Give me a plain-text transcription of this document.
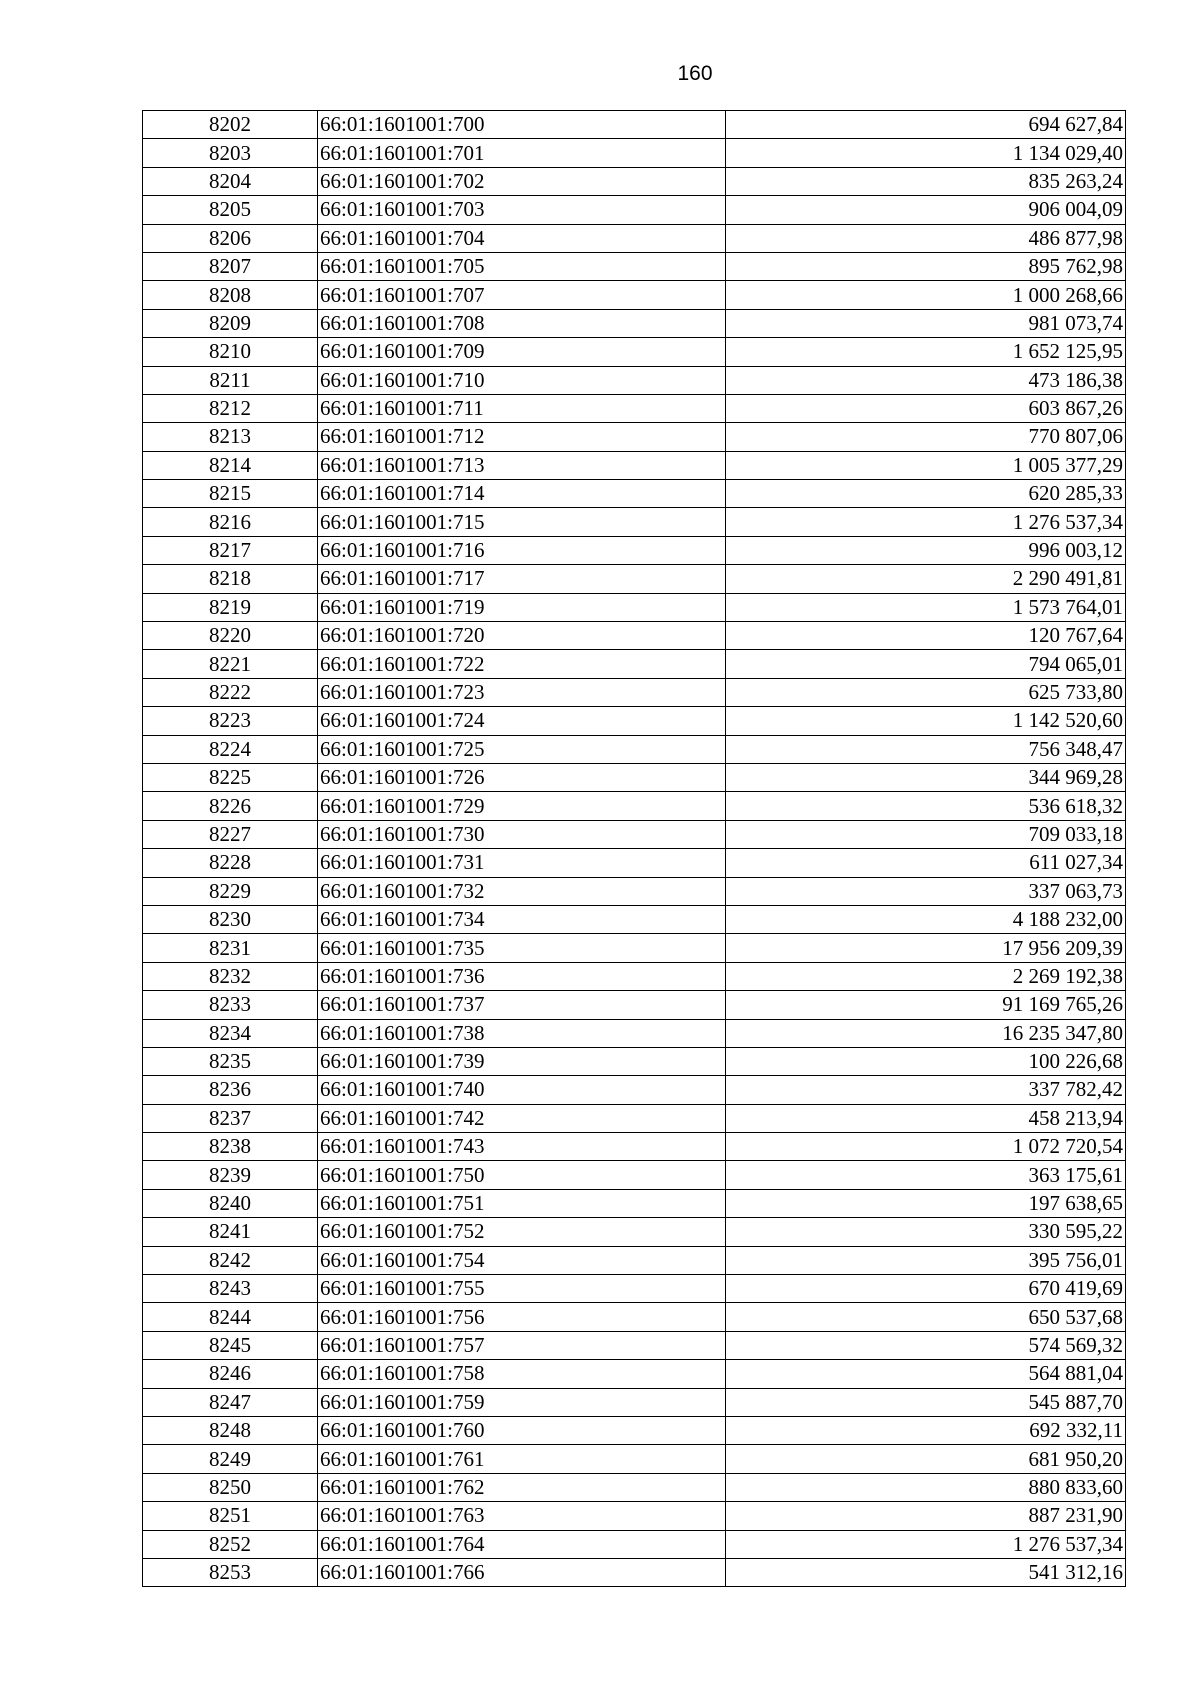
160
8202	66:01:1601001:700	694 627,84
8203	66:01:1601001:701	1 134 029,40
8204	66:01:1601001:702	835 263,24
8205	66:01:1601001:703	906 004,09
8206	66:01:1601001:704	486 877,98
8207	66:01:1601001:705	895 762,98
8208	66:01:1601001:707	1 000 268,66
8209	66:01:1601001:708	981 073,74
8210	66:01:1601001:709	1 652 125,95
8211	66:01:1601001:710	473 186,38
8212	66:01:1601001:711	603 867,26
8213	66:01:1601001:712	770 807,06
8214	66:01:1601001:713	1 005 377,29
8215	66:01:1601001:714	620 285,33
8216	66:01:1601001:715	1 276 537,34
8217	66:01:1601001:716	996 003,12
8218	66:01:1601001:717	2 290 491,81
8219	66:01:1601001:719	1 573 764,01
8220	66:01:1601001:720	120 767,64
8221	66:01:1601001:722	794 065,01
8222	66:01:1601001:723	625 733,80
8223	66:01:1601001:724	1 142 520,60
8224	66:01:1601001:725	756 348,47
8225	66:01:1601001:726	344 969,28
8226	66:01:1601001:729	536 618,32
8227	66:01:1601001:730	709 033,18
8228	66:01:1601001:731	611 027,34
8229	66:01:1601001:732	337 063,73
8230	66:01:1601001:734	4 188 232,00
8231	66:01:1601001:735	17 956 209,39
8232	66:01:1601001:736	2 269 192,38
8233	66:01:1601001:737	91 169 765,26
8234	66:01:1601001:738	16 235 347,80
8235	66:01:1601001:739	100 226,68
8236	66:01:1601001:740	337 782,42
8237	66:01:1601001:742	458 213,94
8238	66:01:1601001:743	1 072 720,54
8239	66:01:1601001:750	363 175,61
8240	66:01:1601001:751	197 638,65
8241	66:01:1601001:752	330 595,22
8242	66:01:1601001:754	395 756,01
8243	66:01:1601001:755	670 419,69
8244	66:01:1601001:756	650 537,68
8245	66:01:1601001:757	574 569,32
8246	66:01:1601001:758	564 881,04
8247	66:01:1601001:759	545 887,70
8248	66:01:1601001:760	692 332,11
8249	66:01:1601001:761	681 950,20
8250	66:01:1601001:762	880 833,60
8251	66:01:1601001:763	887 231,90
8252	66:01:1601001:764	1 276 537,34
8253	66:01:1601001:766	541 312,16
